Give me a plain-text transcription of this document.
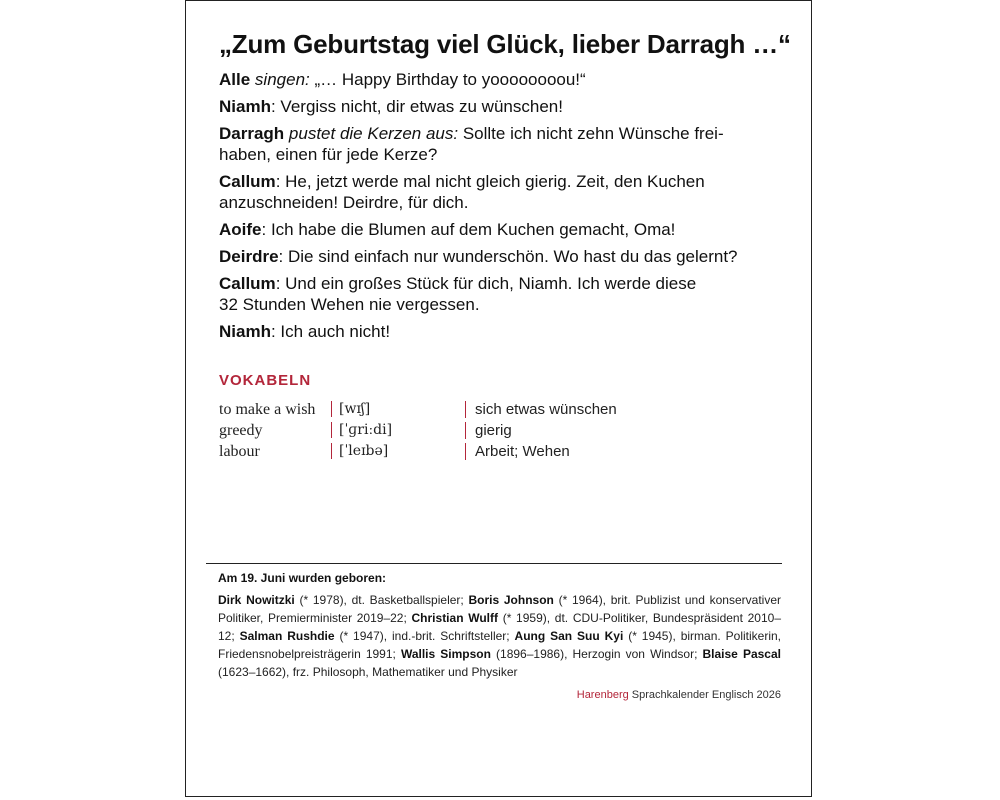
„Zum Geburtstag viel Glück, lieber Darragh …“
Alle singen: „… Happy Birthday to yoooooooou!“
Niamh: Vergiss nicht, dir etwas zu wünschen!
Darragh pustet die Kerzen aus: Sollte ich nicht zehn Wünsche frei-
haben, einen für jede Kerze?
Callum: He, jetzt werde mal nicht gleich gierig. Zeit, den Kuchen
anzuschneiden! Deirdre, für dich.
Aoife: Ich habe die Blumen auf dem Kuchen gemacht, Oma!
Deirdre: Die sind einfach nur wunderschön. Wo hast du das gelernt?
Callum: Und ein großes Stück für dich, Niamh. Ich werde diese
32 Stunden Wehen nie vergessen.
Niamh: Ich auch nicht!
VOKABELN
to make a wish	[wɪʃ]	sich etwas wünschen
greedy	[ˈɡriːdi]	gierig
labour	[ˈleɪbə]	Arbeit; Wehen
Am 19. Juni wurden geboren:
Dirk Nowitzki (* 1978), dt. Basketballspieler; Boris Johnson (* 1964), brit. Publizist und konservativer Politiker, Premierminister 2019–22; Christian Wulff (* 1959), dt. CDU-Politiker, Bundespräsident 2010–12; Salman Rushdie (* 1947), ind.-brit. Schriftsteller; Aung San Suu Kyi (* 1945), birman. Politikerin, Friedensnobelpreisträgerin 1991; Wallis Simpson (1896–1986), Herzogin von Windsor; Blaise Pascal (1623–1662), frz. Philosoph, Mathematiker und Physiker
Harenberg Sprachkalender Englisch 2026
